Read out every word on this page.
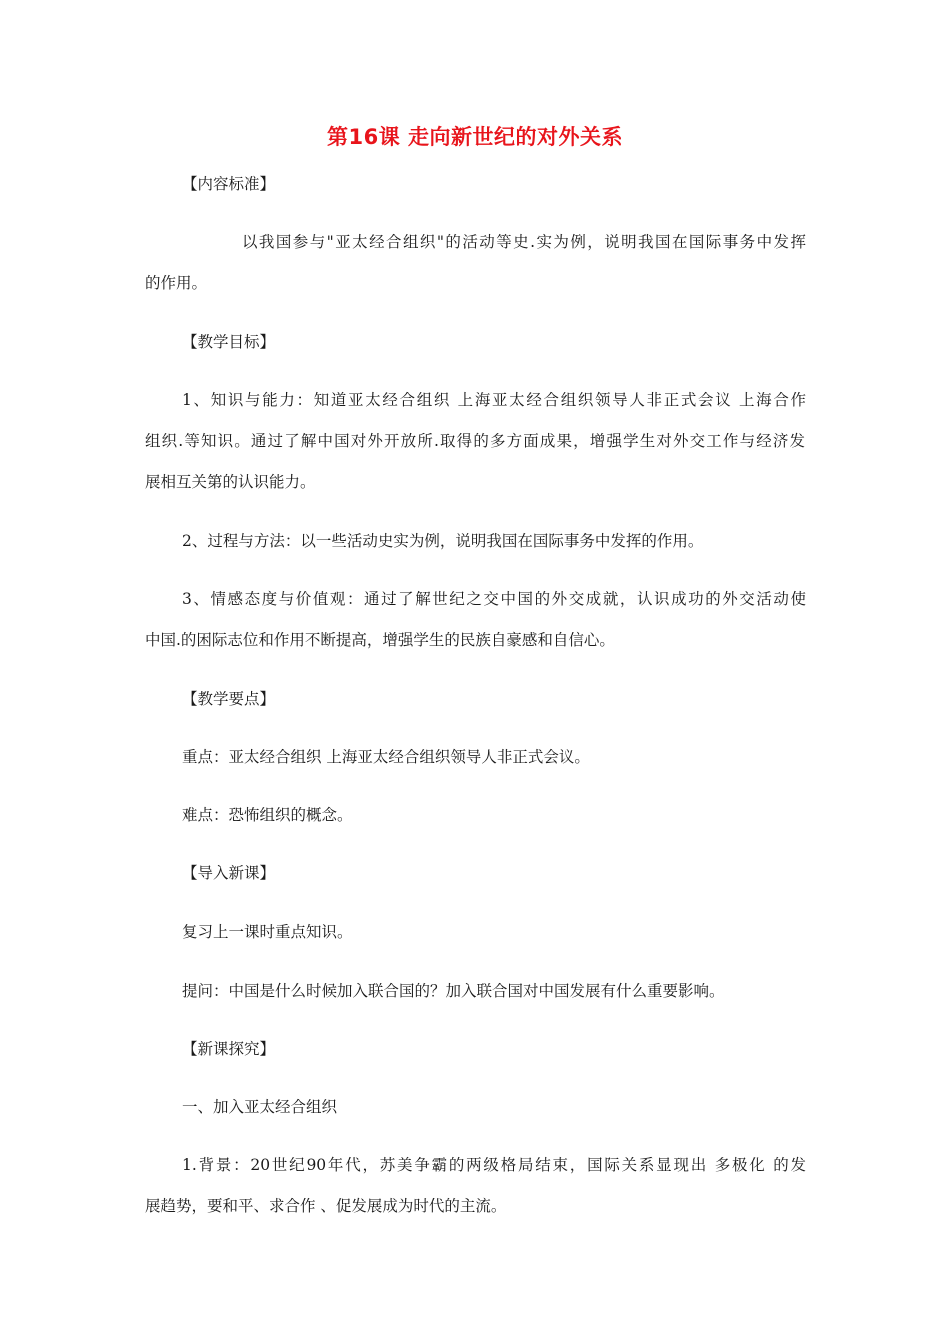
第16课 走向新世纪的对外关系

【内容标准】

以我国参与"亚太经合组织"的活动等史.实为例，说明我国在国际事务中发挥

的作用。

【教学目标】

1、知识与能力：知道亚太经合组织 上海亚太经合组织领导人非正式会议 上海合作

组织.等知识。通过了解中国对外开放所.取得的多方面成果，增强学生对外交工作与经济发

展相互关第的认识能力。

2、过程与方法：以一些活动史实为例，说明我国在国际事务中发挥的作用。

3、情感态度与价值观：通过了解世纪之交中国的外交成就，认识成功的外交活动使

中国.的困际志位和作用不断提高，增强学生的民族自豪感和自信心。

【教学要点】

重点：亚太经合组织 上海亚太经合组织领导人非正式会议。

难点：恐怖组织的概念。

【导入新课】

复习上一课时重点知识。

提问：中国是什么时候加入联合国的？加入联合国对中国发展有什么重要影响。

【新课探究】

一、加入亚太经合组织

1.背景：20世纪90年代，苏美争霸的两级格局结束，国际关系显现出 多极化 的发

展趋势，要和平、求合作 、促发展成为时代的主流。
